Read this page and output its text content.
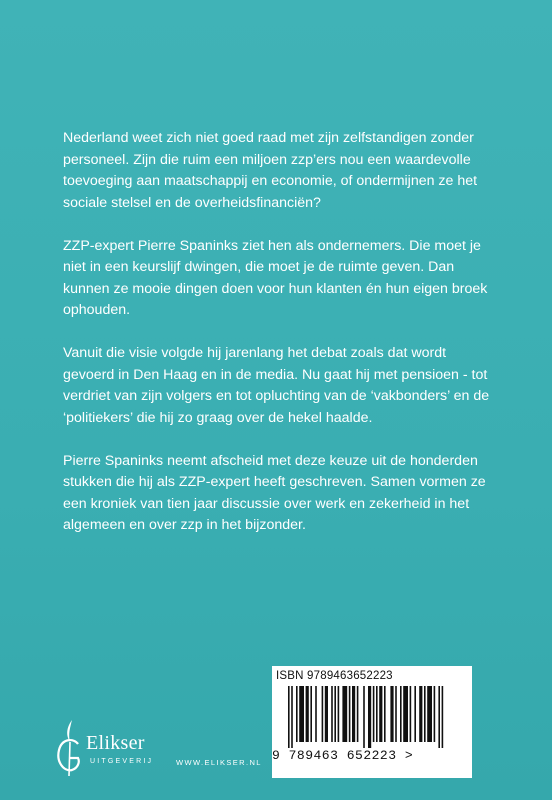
Nederland weet zich niet goed raad met zijn zelfstandigen zonder personeel. Zijn die ruim een miljoen zzp’ers nou een waardevolle toevoeging aan maatschappij en economie, of ondermijnen ze het sociale stelsel en de overheidsfinanciën?

ZZP-expert Pierre Spaninks ziet hen als ondernemers. Die moet je niet in een keurslijf dwingen, die moet je de ruimte geven. Dan kunnen ze mooie dingen doen voor hun klanten én hun eigen broek ophouden.

Vanuit die visie volgde hij jarenlang het debat zoals dat wordt gevoerd in Den Haag en in de media. Nu gaat hij met pensioen - tot verdriet van zijn volgers en tot opluchting van de ‘vakbonders’ en de ‘politiekers’ die hij zo graag over de hekel haalde.

Pierre Spaninks neemt afscheid met deze keuze uit de honderden stukken die hij als ZZP-expert heeft geschreven. Samen vormen ze een kroniek van tien jaar discussie over werk en zekerheid in het algemeen en over zzp in het bijzonder.

Elikser
UITGEVERIJ	WWW.ELIKSER.NL
ISBN 9789463652223
9 789463 652223 >
